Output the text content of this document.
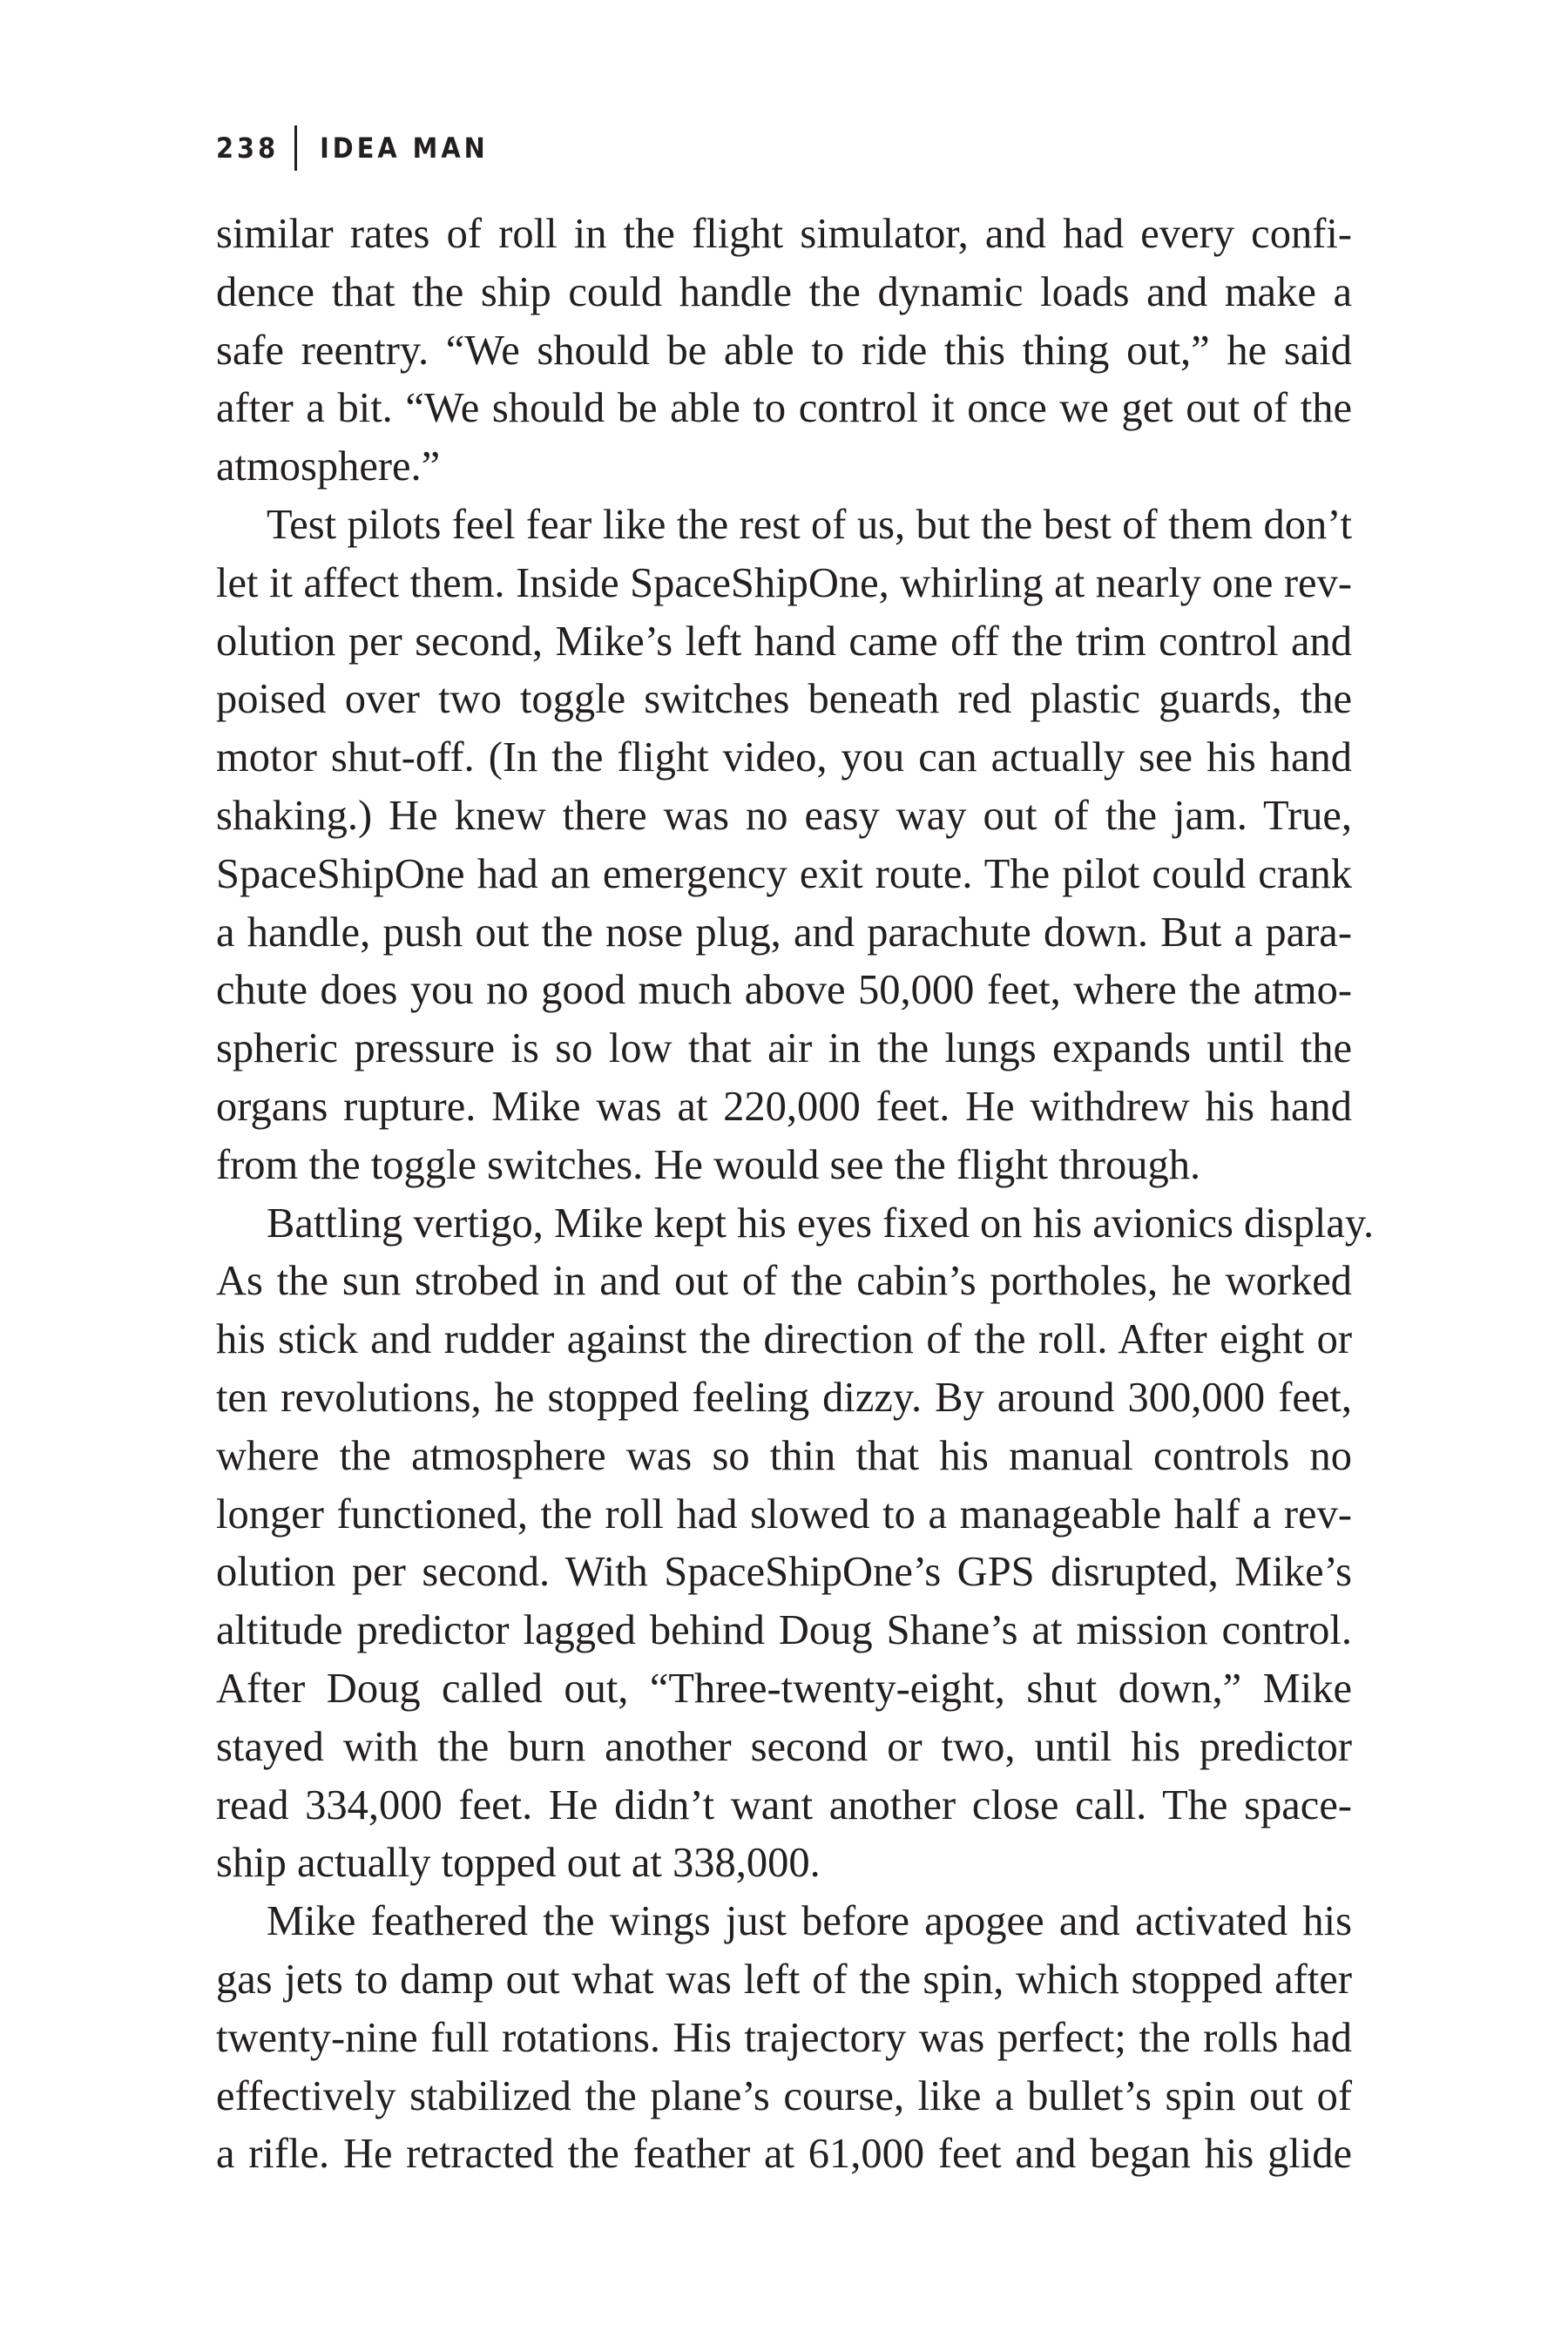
238 IDEA MAN
similar rates of roll in the flight simulator, and had every confi-
dence that the ship could handle the dynamic loads and make a
safe reentry. “We should be able to ride this thing out,” he said
after a bit. “We should be able to control it once we get out of the
atmosphere.”
Test pilots feel fear like the rest of us, but the best of them don’t
let it affect them. Inside SpaceShipOne, whirling at nearly one rev-
olution per second, Mike’s left hand came off the trim control and
poised over two toggle switches beneath red plastic guards, the
motor shut-off. (In the flight video, you can actually see his hand
shaking.) He knew there was no easy way out of the jam. True,
SpaceShipOne had an emergency exit route. The pilot could crank
a handle, push out the nose plug, and parachute down. But a para-
chute does you no good much above 50,000 feet, where the atmo-
spheric pressure is so low that air in the lungs expands until the
organs rupture. Mike was at 220,000 feet. He withdrew his hand
from the toggle switches. He would see the flight through.
Battling vertigo, Mike kept his eyes fixed on his avionics display.
As the sun strobed in and out of the cabin’s portholes, he worked
his stick and rudder against the direction of the roll. After eight or
ten revolutions, he stopped feeling dizzy. By around 300,000 feet,
where the atmosphere was so thin that his manual controls no
longer functioned, the roll had slowed to a manageable half a rev-
olution per second. With SpaceShipOne’s GPS disrupted, Mike’s
altitude predictor lagged behind Doug Shane’s at mission control.
After Doug called out, “Three-twenty-eight, shut down,” Mike
stayed with the burn another second or two, until his predictor
read 334,000 feet. He didn’t want another close call. The space-
ship actually topped out at 338,000.
Mike feathered the wings just before apogee and activated his
gas jets to damp out what was left of the spin, which stopped after
twenty-nine full rotations. His trajectory was perfect; the rolls had
effectively stabilized the plane’s course, like a bullet’s spin out of
a rifle. He retracted the feather at 61,000 feet and began his glide
